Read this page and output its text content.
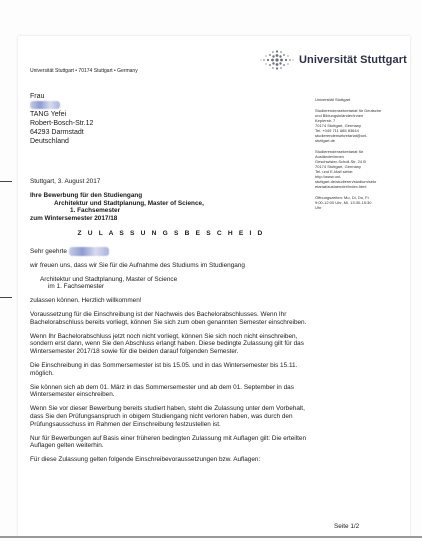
Universität Stuttgart
Universität Stuttgart • 70174 Stuttgart • Germany
Frau
TANG Yefei
Robert-Bosch-Str.12
64293 Darmstadt
Deutschland
Universität Stuttgart
Studierendensekretariat für Deutsche
und Bildungsinländer/innen
Keplerstr. 7
70174 Stuttgart, Germany
Tel. +049 711 685 83644
studierendensekretariat@uni-
stuttgart.de
Studierendensekretariat für
Ausländer/innen
Geschwister-Scholl-Str. 24 B
70174 Stuttgart, Germany
Tel. und E-Mail siehe:
http://www.uni-
stuttgart.de/studieren/studium/sekr
etariat/auslaender/index.html
Öffnungszeiten: Mo, Di, Do, Fr
9:00-12:00 Uhr, Mi. 13:30-15:30
Uhr
Stuttgart, 3. August 2017
Ihre Bewerbung für den Studiengang
Architektur und Stadtplanung, Master of Science,
1. Fachsemester
zum Wintersemester 2017/18
Z U L A S S U N G S B E S C H E I D
Sehr geehrte
wir freuen uns, dass wir Sie für die Aufnahme des Studiums im Studiengang
Architektur und Stadtplanung, Master of Science
im 1. Fachsemester
zulassen können. Herzlich willkommen!
Voraussetzung für die Einschreibung ist der Nachweis des Bachelorabschlusses. Wenn Ihr Bachelorabschluss bereits vorliegt, können Sie sich zum oben genannten Semester einschreiben.
Wenn Ihr Bachelorabschluss jetzt noch nicht vorliegt, können Sie sich noch nicht einschreiben, sondern erst dann, wenn Sie den Abschluss erlangt haben. Diese bedingte Zulassung gilt für das Wintersemester 2017/18 sowie für die beiden darauf folgenden Semester.
Die Einschreibung in das Sommersemester ist bis 15.05. und in das Wintersemester bis 15.11. möglich.
Sie können sich ab dem 01. März in das Sommersemester und ab dem 01. September in das Wintersemester einschreiben.
Wenn Sie vor dieser Bewerbung bereits studiert haben, steht die Zulassung unter dem Vorbehalt, dass Sie den Prüfungsanspruch in obigem Studiengang nicht verloren haben, was durch den Prüfungsausschuss im Rahmen der Einschreibung festzustellen ist.
Nur für Bewerbungen auf Basis einer früheren bedingten Zulassung mit Auflagen gilt: Die erteilten Auflagen gelten weiterhin.
Für diese Zulassung gelten folgende Einschreibevoraussetzungen bzw. Auflagen:
Seite 1/2
